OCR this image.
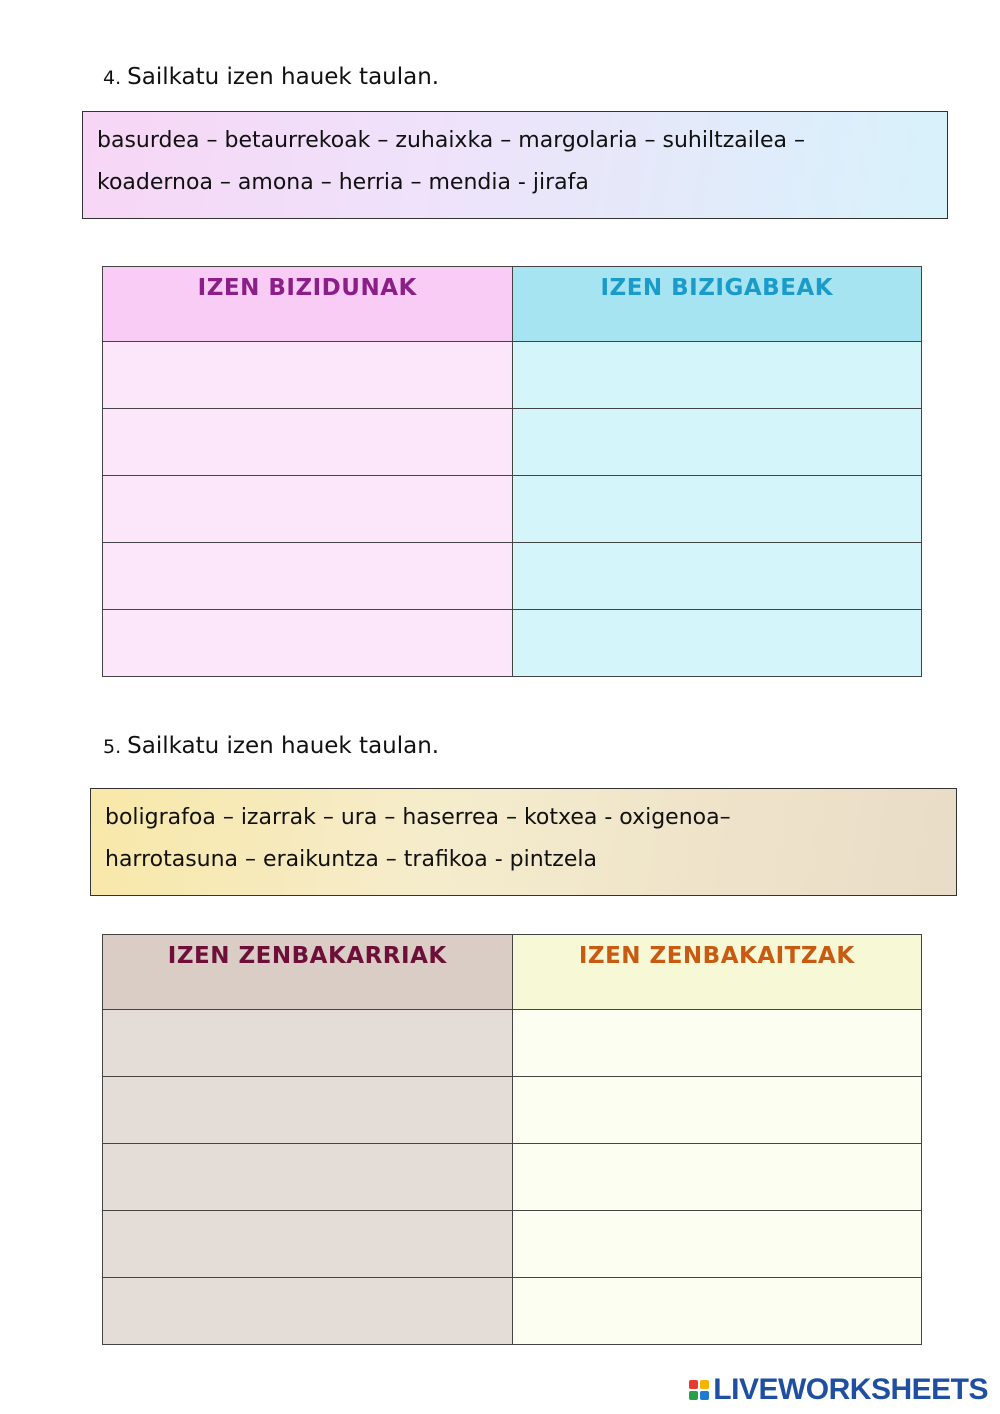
4. Sailkatu izen hauek taulan.
basurdea – betaurrekoak – zuhaixka – margolaria – suhiltzailea –
koadernoa – amona – herria – mendia - jirafa
IZEN BIZIDUNAK	IZEN BIZIGABEAK

5. Sailkatu izen hauek taulan.
boligrafoa – izarrak – ura – haserrea – kotxea - oxigenoa–
harrotasuna – eraikuntza – trafikoa - pintzela
IZEN ZENBAKARRIAK	IZEN ZENBAKAITZAK

LIVEWORKSHEETS
